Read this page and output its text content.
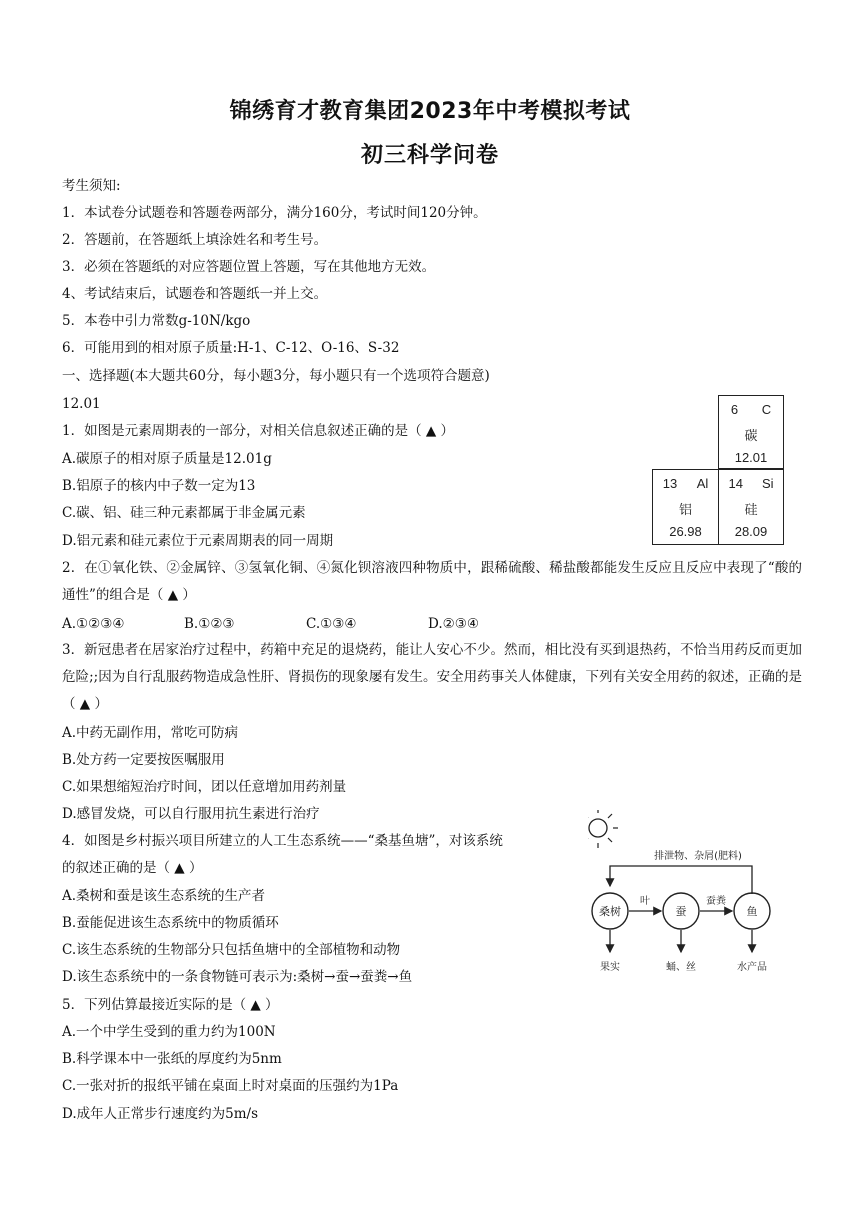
锦绣育才教育集团2023年中考模拟考试
初三科学问卷
考生须知:
1．本试卷分试题卷和答题卷两部分，满分160分，考试时间120分钟。
2．答题前，在答题纸上填涂姓名和考生号。
3．必须在答题纸的对应答题位置上答题，写在其他地方无效。
4、考试结束后，试题卷和答题纸一并上交。
5．本卷中引力常数g-10N/kgo
6．可能用到的相对原子质量:H-1、C-12、O-16、S-32
一、选择题(本大题共60分，每小题3分，每小题只有一个选项符合题意)
12.01
1．如图是元素周期表的一部分，对相关信息叙述正确的是（ ▲ ）
A.碳原子的相对原子质量是12.01g
B.铝原子的核内中子数一定为13
C.碳、铝、硅三种元素都属于非金属元素
D.铝元素和硅元素位于元素周期表的同一周期
6 C
碳
12.01
13 Al
铝
26.98
14 Si
硅
28.09
2．在①氧化铁、②金属锌、③氢氧化铜、④氮化钡溶液四种物质中，跟稀硫酸、稀盐酸都能发生反应且反应中表现了“酸的通性”的组合是（ ▲ ）
A.①②③④	B.①②③	C.①③④	D.②③④
3．新冠患者在居家治疗过程中，药箱中充足的退烧药，能让人安心不少。然而，相比没有买到退热药，不恰当用药反而更加危险;;因为自行乱服药物造成急性肝、肾损伤的现象屡有发生。安全用药事关人体健康，下列有关安全用药的叙述，正确的是（ ▲ ）
A.中药无副作用，常吃可防病
B.处方药一定要按医嘱服用
C.如果想缩短治疗时间，团以任意增加用药剂量
D.感冒发烧，可以自行服用抗生素进行治疗
4．如图是乡村振兴项目所建立的人工生态系统——“桑基鱼塘”，对该系统
的叙述正确的是（ ▲ ）
A.桑树和蚕是该生态系统的生产者
B.蚕能促进该生态系统中的物质循环
C.该生态系统的生物部分只包括鱼塘中的全部植物和动物
D.该生态系统中的一条食物链可表示为:桑树→蚕→蚕粪→鱼
排泄物、杂屑(肥料)
桑树	蚕	鱼
叶	蚕粪
果实	蛹、丝	水产品
5．下列估算最接近实际的是（ ▲ ）
A.一个中学生受到的重力约为100N
B.科学课本中一张纸的厚度约为5nm
C.一张对折的报纸平铺在桌面上时对桌面的压强约为1Pa
D.成年人正常步行速度约为5m/s
